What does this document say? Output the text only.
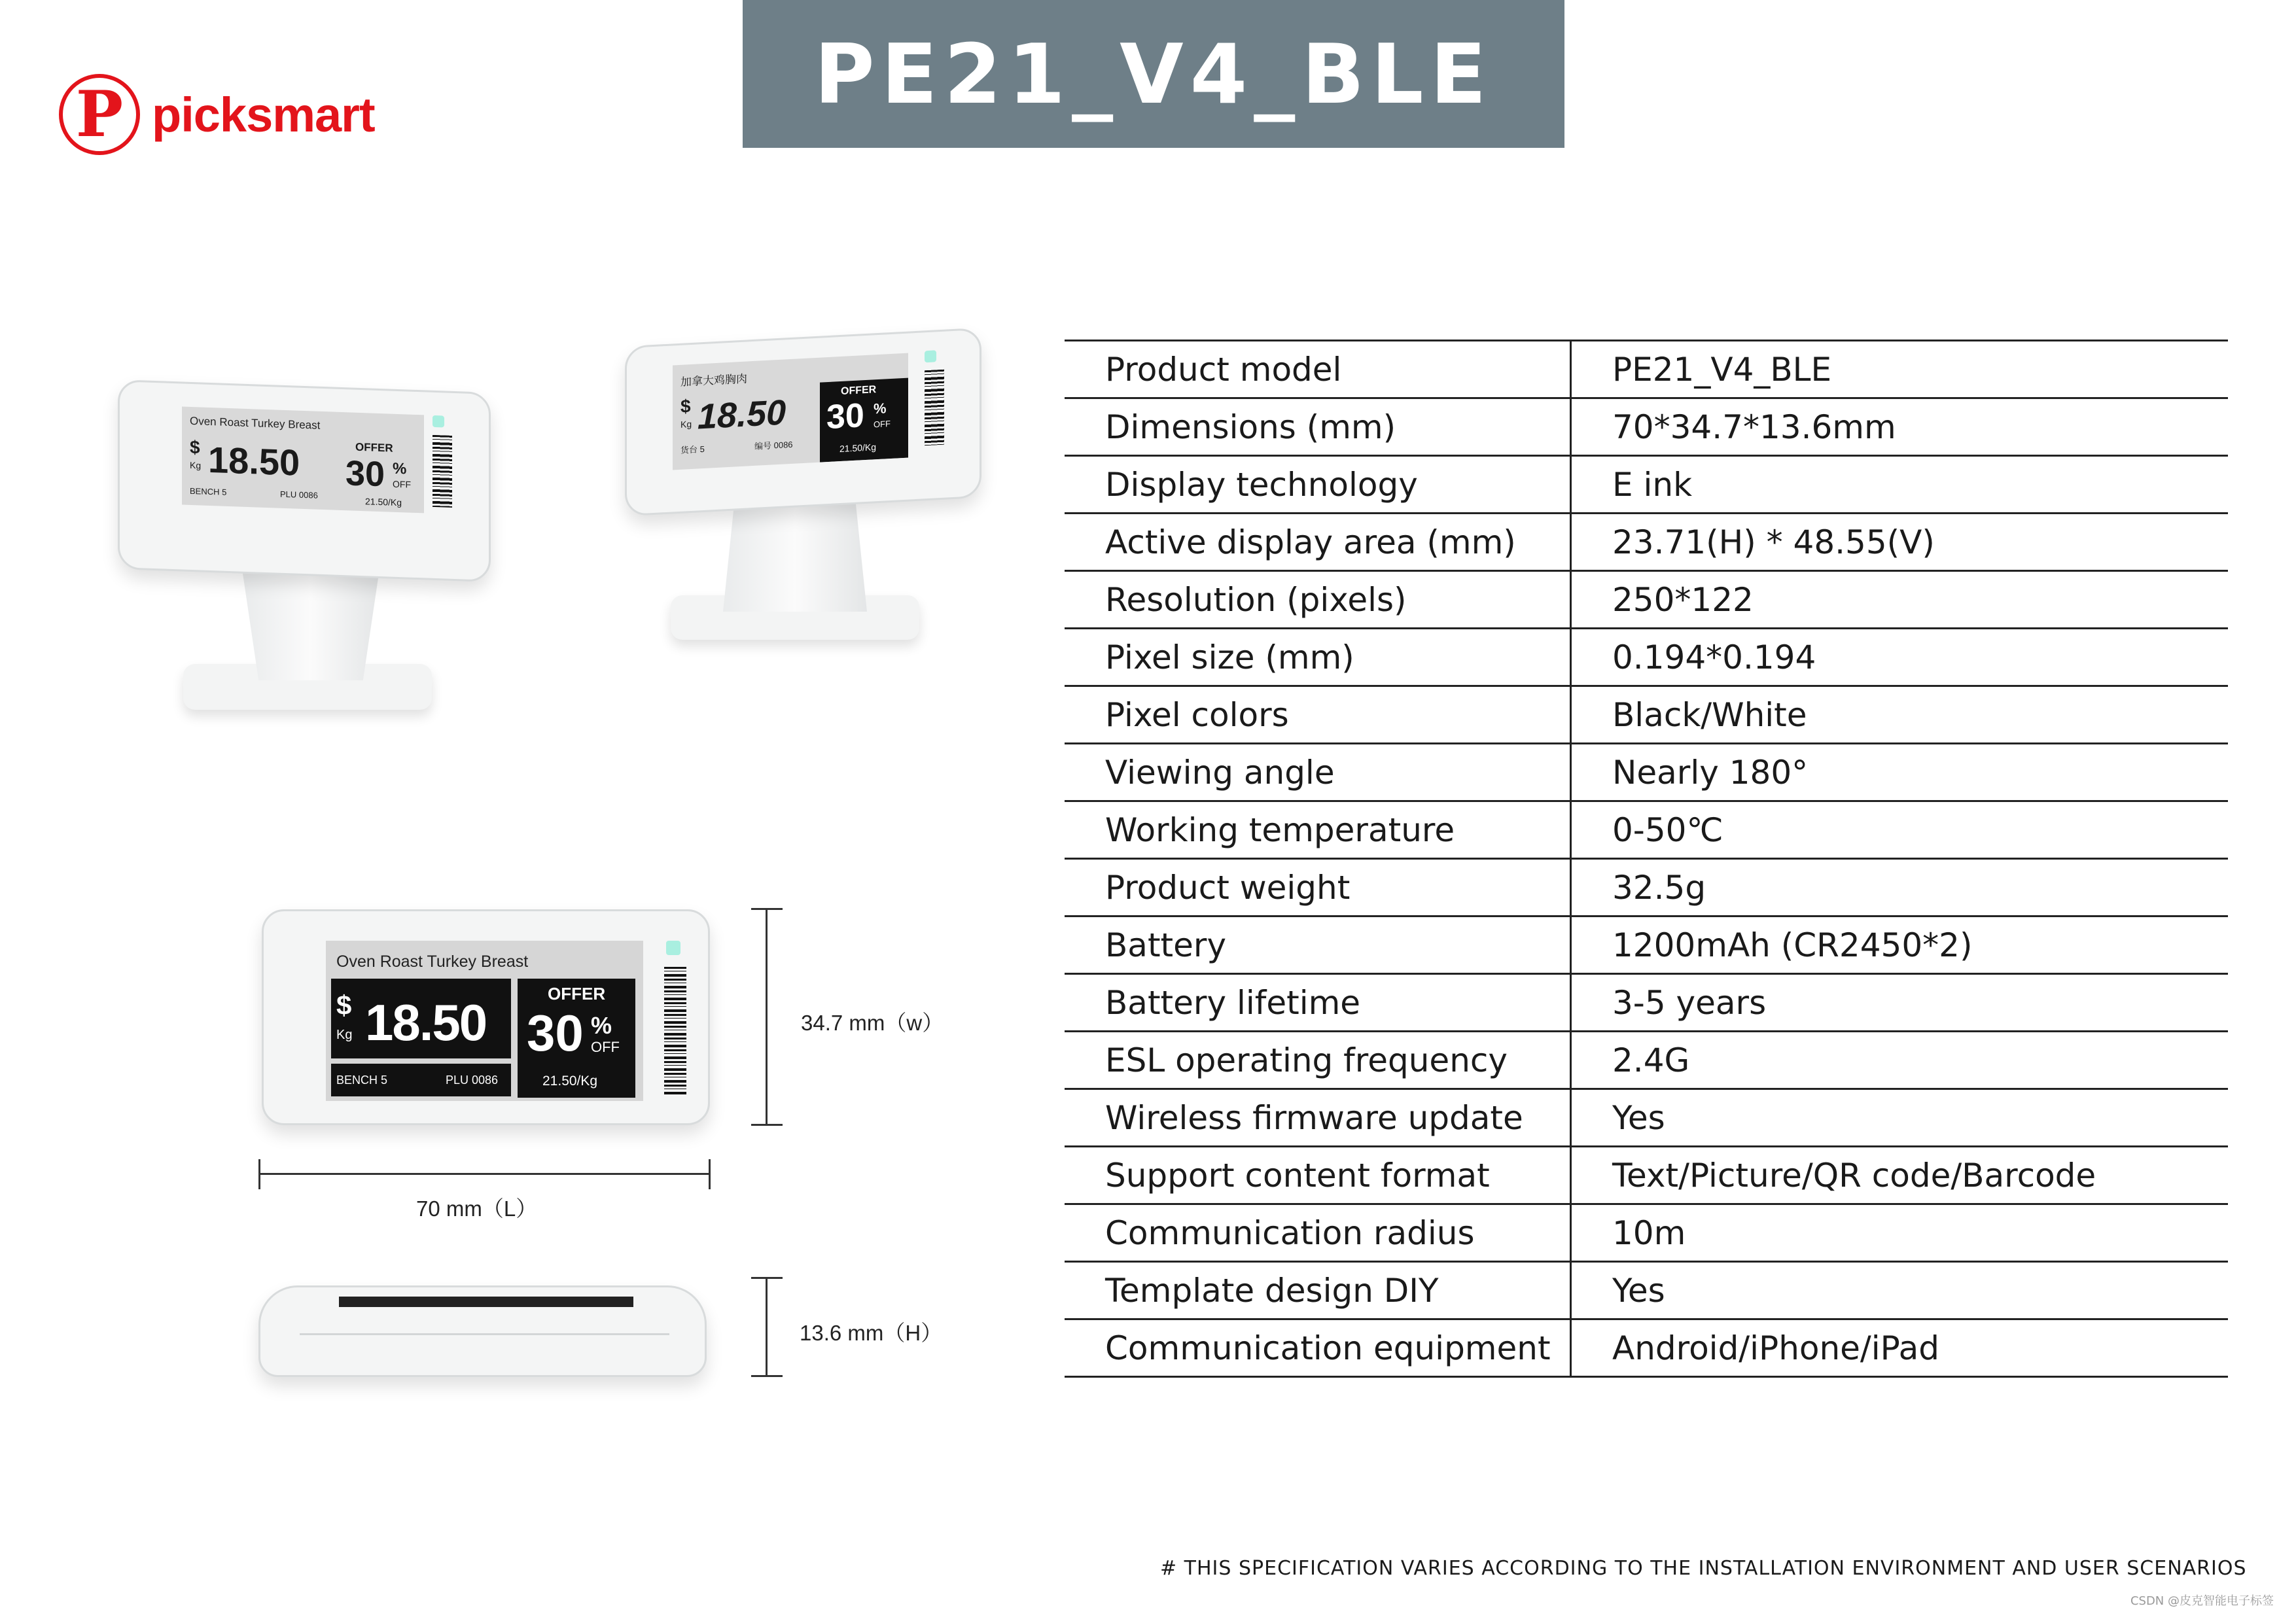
P picksmart	PE21_V4_BLE
Oven Roast Turkey Breast
$
Kg 18.50	OFFER
30 %
OFF
BENCH 5	PLU 0086
21.50/Kg
加拿大鸡胸肉
$
Kg 18.50
OFFER
30 %
OFF
21.50/Kg
货台 5	编号 0086
Oven Roast Turkey Breast
$
Kg 18.50	OFFER
30 %
OFF
21.50/Kg
BENCH 5	PLU 0086
34.7 mm（w）
70 mm（L）
13.6 mm（H）
Product model	PE21_V4_BLE
Dimensions (mm)	70*34.7*13.6mm
Display technology	E ink
Active display area (mm)	23.71(H) * 48.55(V)
Resolution (pixels)	250*122
Pixel size (mm)	0.194*0.194
Pixel colors	Black/White
Viewing angle	Nearly 180°
Working temperature	0-50℃
Product weight	32.5g
Battery	1200mAh (CR2450*2)
Battery lifetime	3-5 years
ESL operating frequency	2.4G
Wireless firmware update	Yes
Support content format	Text/Picture/QR code/Barcode
Communication radius	10m
Template design DIY	Yes
Communication equipment	Android/iPhone/iPad
# THIS SPECIFICATION VARIES ACCORDING TO THE INSTALLATION ENVIRONMENT AND USER SCENARIOS
CSDN @皮克智能电子标签
